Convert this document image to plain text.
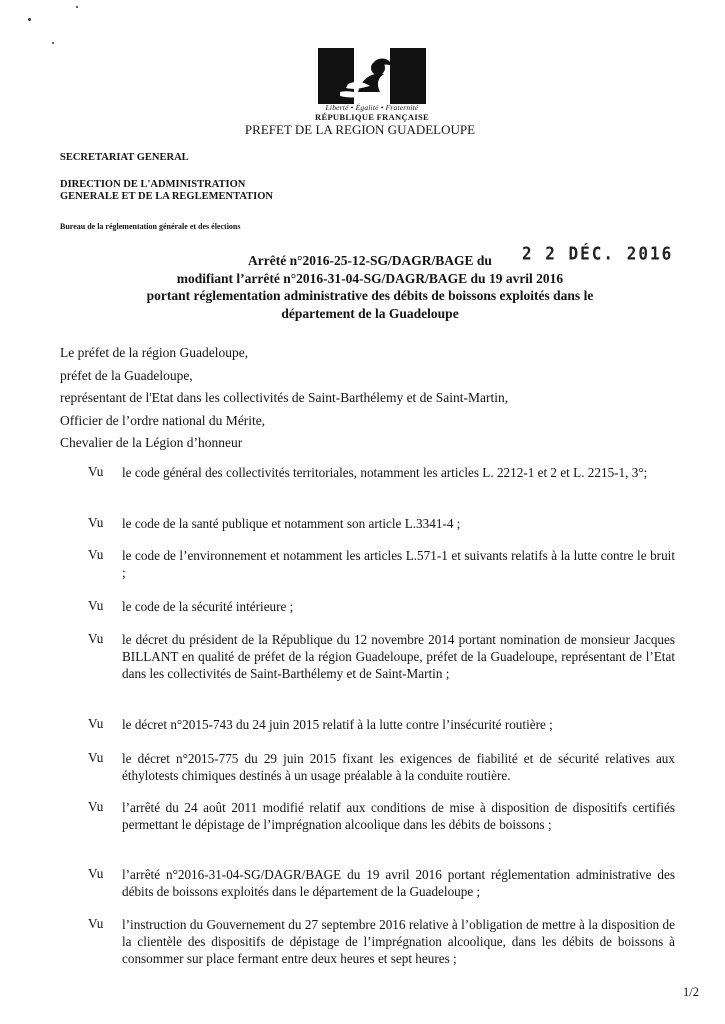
Liberté • Égalité • Fraternité
RÉPUBLIQUE FRANÇAISE
PREFET DE LA REGION GUADELOUPE
SECRETARIAT GENERAL
DIRECTION DE L'ADMINISTRATION
GENERALE ET DE LA REGLEMENTATION
Bureau de la réglementation générale et des élections
2 2 DÉC. 2016
Arrêté n°2016-25-12-SG/DAGR/BAGE du
modifiant l’arrêté n°2016-31-04-SG/DAGR/BAGE du 19 avril 2016
portant réglementation administrative des débits de boissons exploités dans le
département de la Guadeloupe
Le préfet de la région Guadeloupe,
préfet de la Guadeloupe,
représentant de l'Etat dans les collectivités de Saint-Barthélemy et de Saint-Martin,
Officier de l’ordre national du Mérite,
Chevalier de la Légion d’honneur
Vu le code général des collectivités territoriales, notamment les articles L. 2212-1 et 2 et L. 2215-1, 3°;
Vu le code de la santé publique et notamment son article L.3341-4 ;
Vu le code de l’environnement et notamment les articles L.571-1 et suivants relatifs à la lutte contre le bruit ;
Vu le code de la sécurité intérieure ;
Vu le décret du président de la République du 12 novembre 2014 portant nomination de monsieur Jacques BILLANT en qualité de préfet de la région Guadeloupe, préfet de la Guadeloupe, représentant de l’Etat dans les collectivités de Saint-Barthélemy et de Saint-Martin ;
Vu le décret n°2015-743 du 24 juin 2015 relatif à la lutte contre l’insécurité routière ;
Vu le décret n°2015-775 du 29 juin 2015 fixant les exigences de fiabilité et de sécurité relatives aux éthylotests chimiques destinés à un usage préalable à la conduite routière.
Vu l’arrêté du 24 août 2011 modifié relatif aux conditions de mise à disposition de dispositifs certifiés permettant le dépistage de l’imprégnation alcoolique dans les débits de boissons ;
Vu l’arrêté n°2016-31-04-SG/DAGR/BAGE du 19 avril 2016 portant réglementation administrative des débits de boissons exploités dans le département de la Guadeloupe ;
Vu l’instruction du Gouvernement du 27 septembre 2016 relative à l’obligation de mettre à la disposition de la clientèle des dispositifs de dépistage de l’imprégnation alcoolique, dans les débits de boissons à consommer sur place fermant entre deux heures et sept heures ;
1/2
